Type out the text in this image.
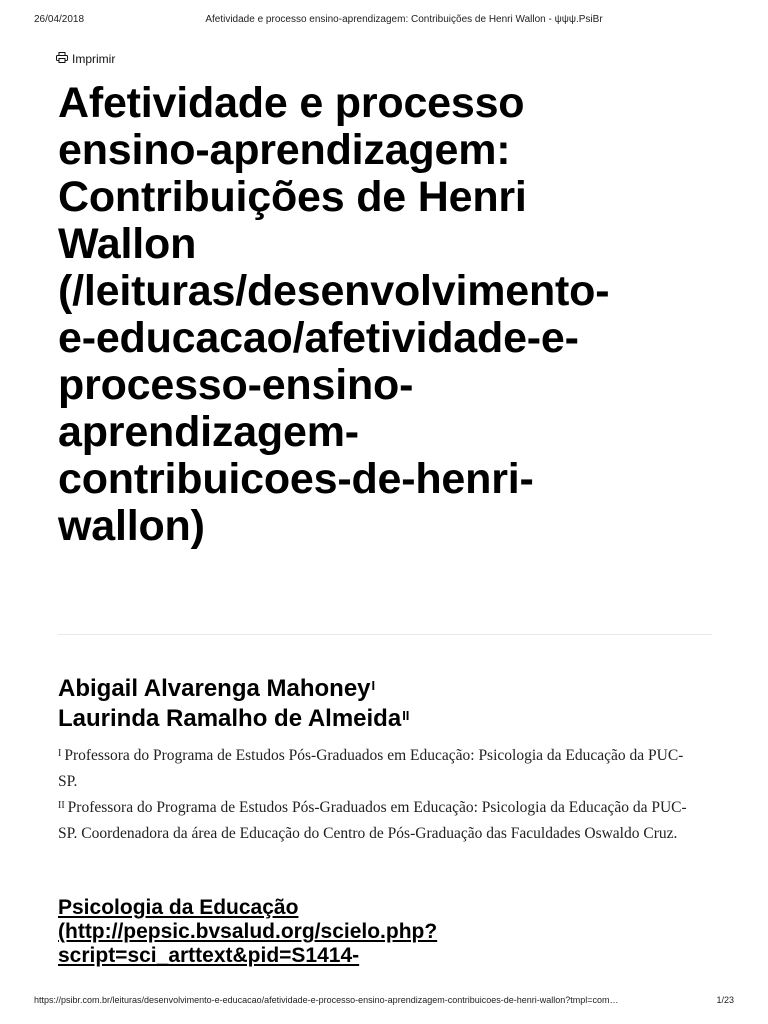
26/04/2018	Afetividade e processo ensino-aprendizagem: Contribuições de Henri Wallon - ψψψ.PsiBr
Imprimir
Afetividade e processo
ensino-aprendizagem:
Contribuições de Henri
Wallon
(/leituras/desenvolvimento-
e-educacao/afetividade-e-
processo-ensino-
aprendizagem-
contribuicoes-de-henri-
wallon)
Abigail Alvarenga Mahoney$^I$
Laurinda Ramalho de Almeida$^{II}$
$^I$ Professora do Programa de Estudos Pós-Graduados em Educação: Psicologia da Educação da PUC-SP.
$^{II}$ Professora do Programa de Estudos Pós-Graduados em Educação: Psicologia da Educação da PUC-SP. Coordenadora da área de Educação do Centro de Pós-Graduação das Faculdades Oswaldo Cruz.
Psicologia da Educação
(http://pepsic.bvsalud.org/scielo.php?
script=sci_arttext&pid=S1414-
https://psibr.com.br/leituras/desenvolvimento-e-educacao/afetividade-e-processo-ensino-aprendizagem-contribuicoes-de-henri-wallon?tmpl=com…	1/23
